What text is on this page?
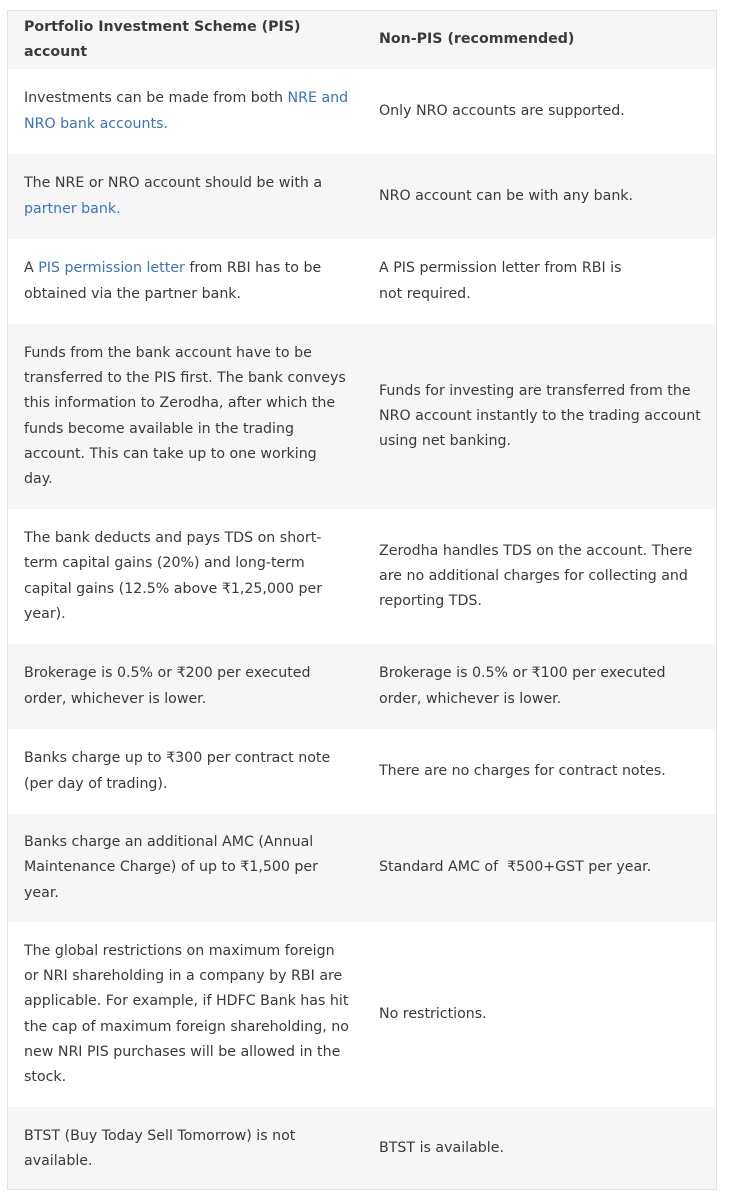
Portfolio Investment Scheme (PIS) account
Non-PIS (recommended)
Investments can be made from both NRE and NRO bank accounts.
Only NRO accounts are supported.
The NRE or NRO account should be with a partner bank.
NRO account can be with any bank.
A PIS permission letter from RBI has to be obtained via the partner bank.
A PIS permission letter from RBI is not required.
Funds from the bank account have to be transferred to the PIS first. The bank conveys this information to Zerodha, after which the funds become available in the trading account. This can take up to one working day.
Funds for investing are transferred from the NRO account instantly to the trading account using net banking.
The bank deducts and pays TDS on short-term capital gains (20%) and long-term capital gains (12.5% above ₹1,25,000 per year).
Zerodha handles TDS on the account. There are no additional charges for collecting and reporting TDS.
Brokerage is 0.5% or ₹200 per executed order, whichever is lower.
Brokerage is 0.5% or ₹100 per executed order, whichever is lower.
Banks charge up to ₹300 per contract note (per day of trading).
There are no charges for contract notes.
Banks charge an additional AMC (Annual Maintenance Charge) of up to ₹1,500 per year.
Standard AMC of  ₹500+GST per year.
The global restrictions on maximum foreign or NRI shareholding in a company by RBI are applicable. For example, if HDFC Bank has hit the cap of maximum foreign shareholding, no new NRI PIS purchases will be allowed in the stock.
No restrictions.
BTST (Buy Today Sell Tomorrow) is not available.
BTST is available.
